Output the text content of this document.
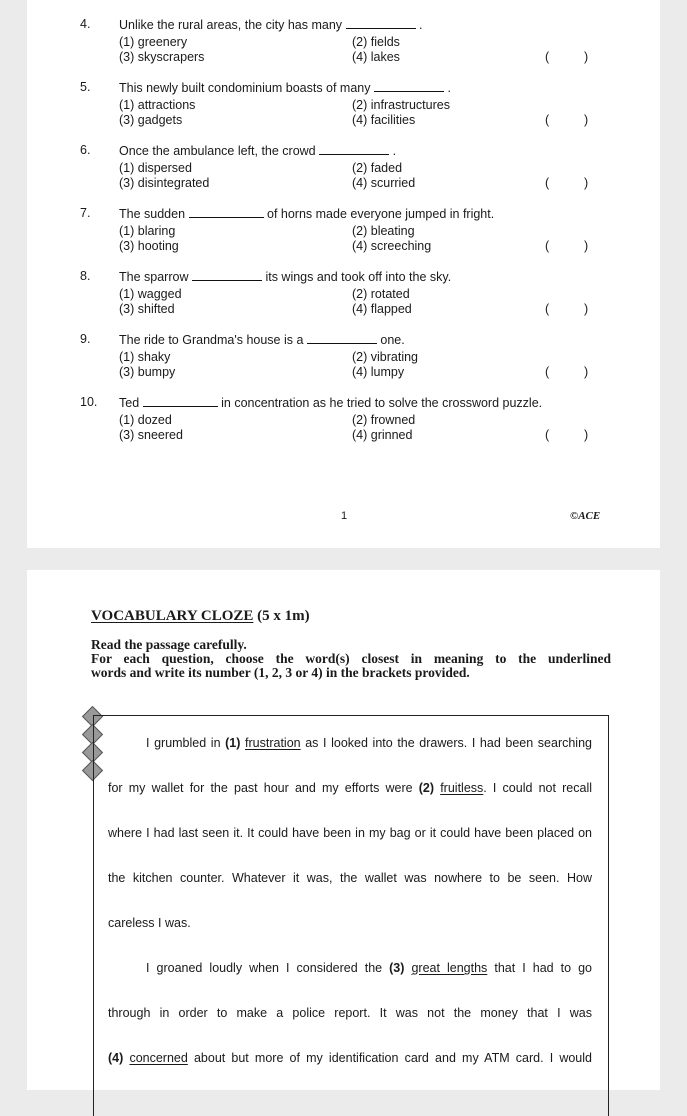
4. Unlike the rural areas, the city has many	.
(1) greenery	(2) fields
(3) skyscrapers	(4) lakes	(	)
5. This newly built condominium boasts of many	.
(1) attractions	(2) infrastructures
(3) gadgets	(4) facilities	(	)
6. Once the ambulance left, the crowd	.
(1) dispersed	(2) faded
(3) disintegrated	(4) scurried	(	)
7. The sudden	of horns made everyone jumped in fright.
(1) blaring	(2) bleating
(3) hooting	(4) screeching	(	)
8. The sparrow	its wings and took off into the sky.
(1) wagged	(2) rotated
(3) shifted	(4) flapped	(	)
9. The ride to Grandma's house is a	one.
(1) shaky	(2) vibrating
(3) bumpy	(4) lumpy	(	)
10. Ted	in concentration as he tried to solve the crossword puzzle.
(1) dozed	(2) frowned
(3) sneered	(4) grinned	(	)
1	©ACE
VOCABULARY CLOZE (5 x 1m)
Read the passage carefully.
For each question, choose the word(s) closest in meaning to the underlined
words and write its number (1, 2, 3 or 4) in the brackets provided.
I grumbled in (1) frustration as I looked into the drawers. I had been searching
for my wallet for the past hour and my efforts were (2) fruitless. I could not recall
where I had last seen it. It could have been in my bag or it could have been placed on
the kitchen counter. Whatever it was, the wallet was nowhere to be seen. How
careless I was.
I groaned loudly when I considered the (3) great lengths that I had to go
through in order to make a police report. It was not the money that I was
(4) concerned about but more of my identification card and my ATM card. I would
